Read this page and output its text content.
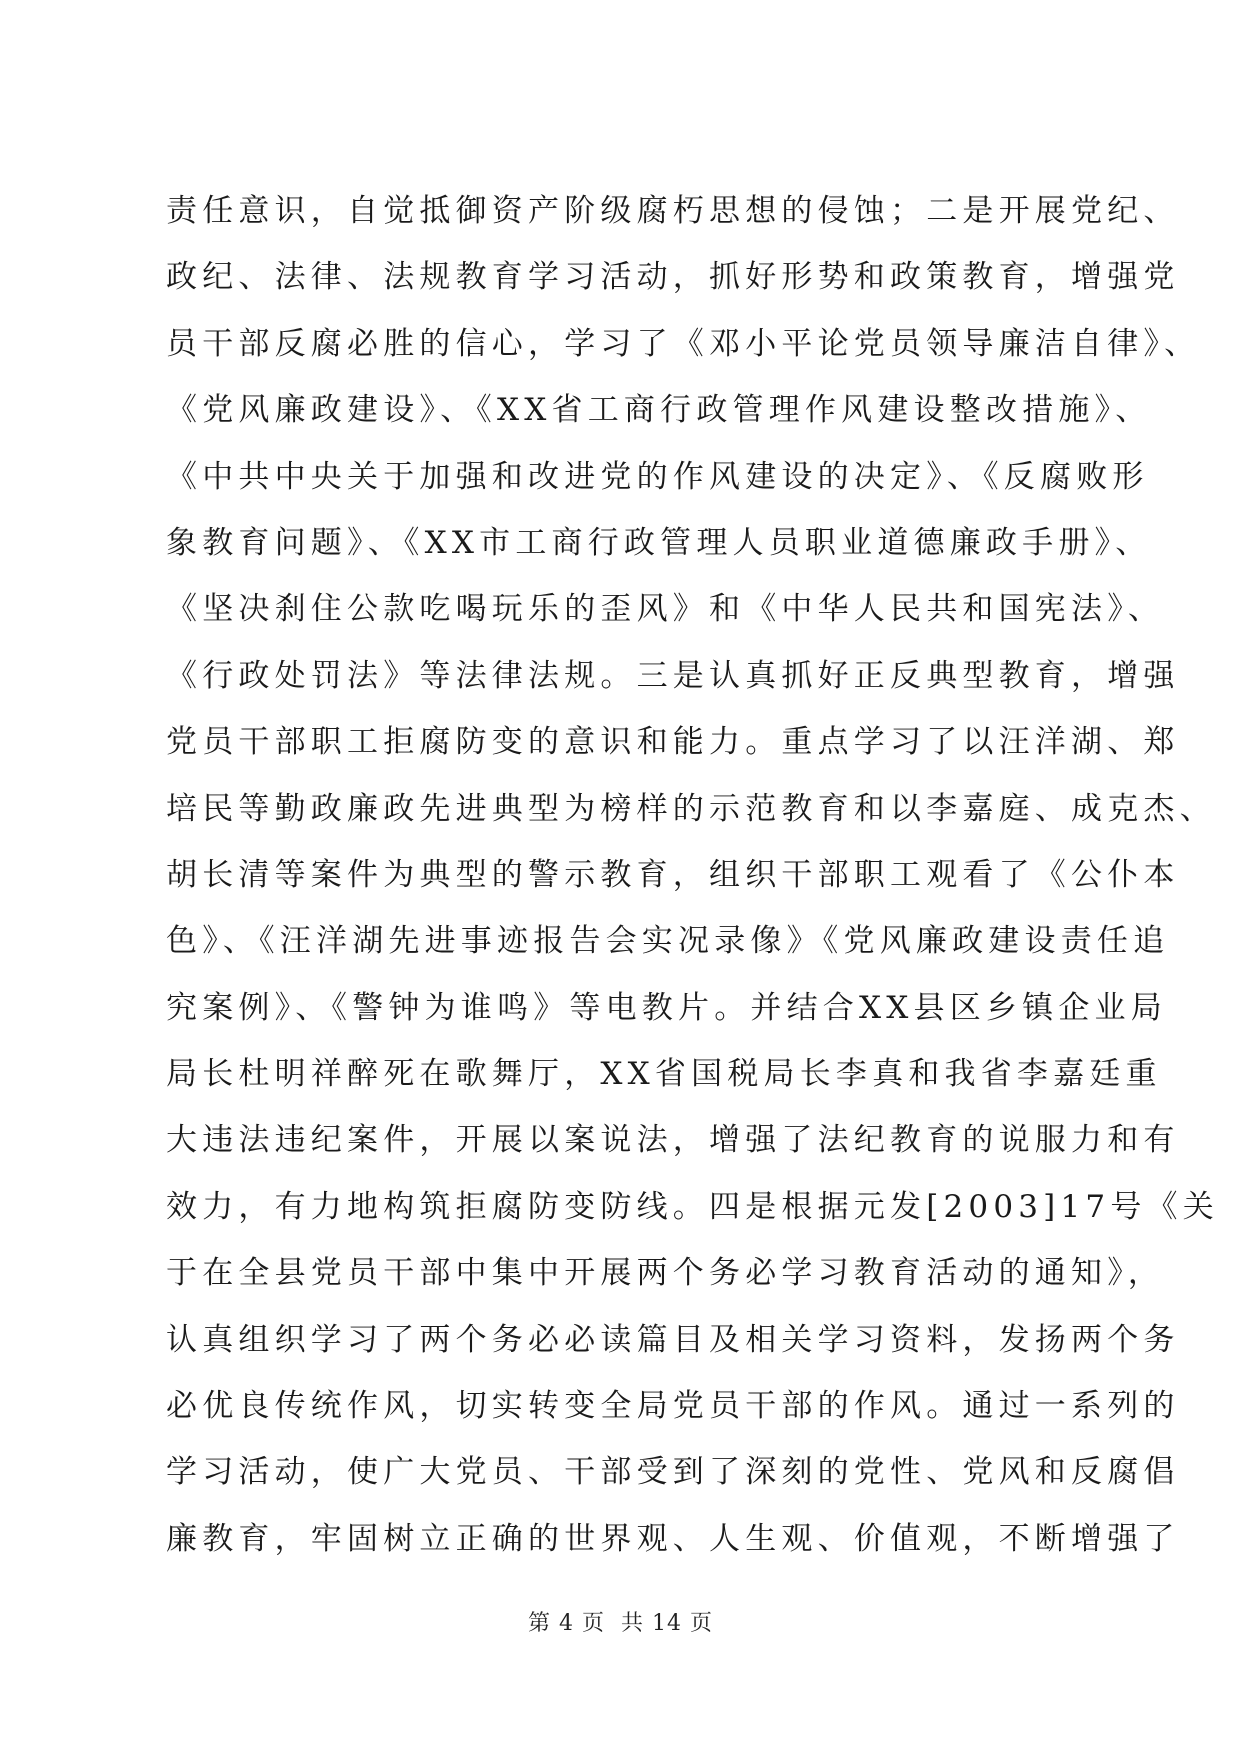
责任意识，自觉抵御资产阶级腐朽思想的侵蚀；二是开展党纪、
政纪、法律、法规教育学习活动，抓好形势和政策教育，增强党
员干部反腐必胜的信心，学习了《邓小平论党员领导廉洁自律》、
《党风廉政建设》、《XX省工商行政管理作风建设整改措施》、
《中共中央关于加强和改进党的作风建设的决定》、《反腐败形
象教育问题》、《XX市工商行政管理人员职业道德廉政手册》、
《坚决刹住公款吃喝玩乐的歪风》和《中华人民共和国宪法》、
《行政处罚法》等法律法规。三是认真抓好正反典型教育，增强
党员干部职工拒腐防变的意识和能力。重点学习了以汪洋湖、郑
培民等勤政廉政先进典型为榜样的示范教育和以李嘉庭、成克杰、
胡长清等案件为典型的警示教育，组织干部职工观看了《公仆本
色》、《汪洋湖先进事迹报告会实况录像》《党风廉政建设责任追
究案例》、《警钟为谁鸣》等电教片。并结合XX县区乡镇企业局
局长杜明祥醉死在歌舞厅，XX省国税局长李真和我省李嘉廷重
大违法违纪案件，开展以案说法，增强了法纪教育的说服力和有
效力，有力地构筑拒腐防变防线。四是根据元发[2003]17号《关
于在全县党员干部中集中开展两个务必学习教育活动的通知》，
认真组织学习了两个务必必读篇目及相关学习资料，发扬两个务
必优良传统作风，切实转变全局党员干部的作风。通过一系列的
学习活动，使广大党员、干部受到了深刻的党性、党风和反腐倡
廉教育，牢固树立正确的世界观、人生观、价值观，不断增强了
第 4 页  共 14 页
